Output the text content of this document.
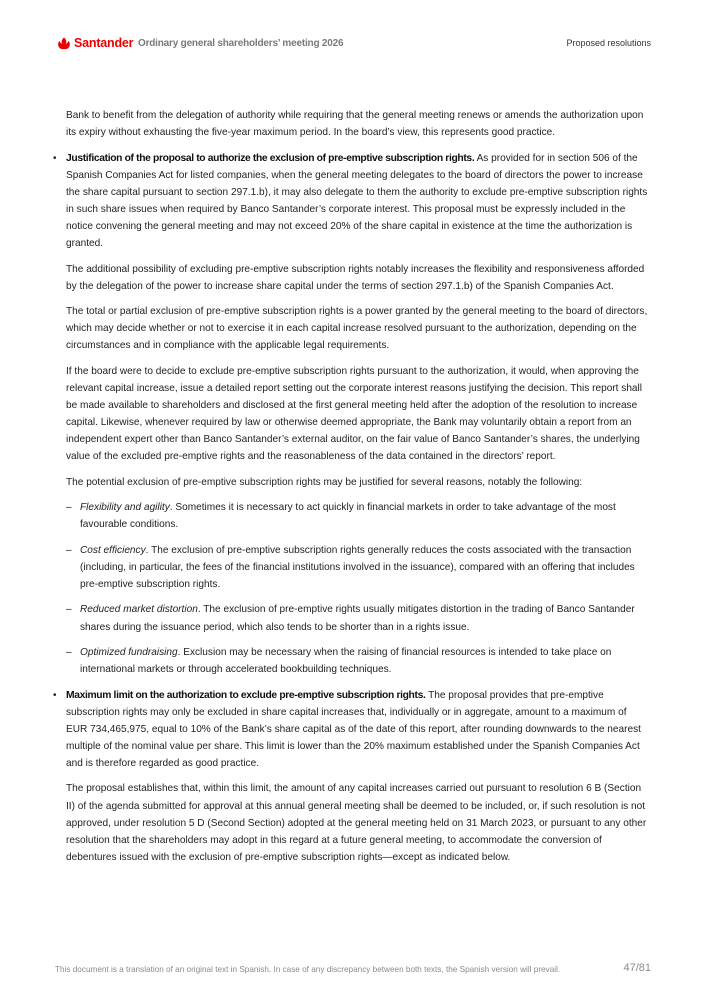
Santander Ordinary general shareholders’ meeting 2026	Proposed resolutions

Bank to benefit from the delegation of authority while requiring that the general meeting renews or amends the authorization upon its expiry without exhausting the five-year maximum period. In the board’s view, this represents good practice.

• Justification of the proposal to authorize the exclusion of pre-emptive subscription rights. As provided for in section 506 of the Spanish Companies Act for listed companies, when the general meeting delegates to the board of directors the power to increase the share capital pursuant to section 297.1.b), it may also delegate to them the authority to exclude pre-emptive subscription rights in such share issues when required by Banco Santander’s corporate interest. This proposal must be expressly included in the notice convening the general meeting and may not exceed 20% of the share capital in existence at the time the authorization is granted.

The additional possibility of excluding pre-emptive subscription rights notably increases the flexibility and responsiveness afforded by the delegation of the power to increase share capital under the terms of section 297.1.b) of the Spanish Companies Act.

The total or partial exclusion of pre-emptive subscription rights is a power granted by the general meeting to the board of directors, which may decide whether or not to exercise it in each capital increase resolved pursuant to the authorization, depending on the circumstances and in compliance with the applicable legal requirements.

If the board were to decide to exclude pre-emptive subscription rights pursuant to the authorization, it would, when approving the relevant capital increase, issue a detailed report setting out the corporate interest reasons justifying the decision. This report shall be made available to shareholders and disclosed at the first general meeting held after the adoption of the resolution to increase capital. Likewise, whenever required by law or otherwise deemed appropriate, the Bank may voluntarily obtain a report from an independent expert other than Banco Santander’s external auditor, on the fair value of Banco Santander’s shares, the underlying value of the excluded pre-emptive rights and the reasonableness of the data contained in the directors’ report.

The potential exclusion of pre-emptive subscription rights may be justified for several reasons, notably the following:

– Flexibility and agility. Sometimes it is necessary to act quickly in financial markets in order to take advantage of the most favourable conditions.
– Cost efficiency. The exclusion of pre-emptive subscription rights generally reduces the costs associated with the transaction (including, in particular, the fees of the financial institutions involved in the issuance), compared with an offering that includes pre-emptive subscription rights.
– Reduced market distortion. The exclusion of pre-emptive rights usually mitigates distortion in the trading of Banco Santander shares during the issuance period, which also tends to be shorter than in a rights issue.
– Optimized fundraising. Exclusion may be necessary when the raising of financial resources is intended to take place on international markets or through accelerated bookbuilding techniques.
• Maximum limit on the authorization to exclude pre-emptive subscription rights. The proposal provides that pre-emptive subscription rights may only be excluded in share capital increases that, individually or in aggregate, amount to a maximum of EUR 734,465,975, equal to 10% of the Bank’s share capital as of the date of this report, after rounding downwards to the nearest multiple of the nominal value per share. This limit is lower than the 20% maximum established under the Spanish Companies Act and is therefore regarded as good practice.

The proposal establishes that, within this limit, the amount of any capital increases carried out pursuant to resolution 6 B (Section II) of the agenda submitted for approval at this annual general meeting shall be deemed to be included, or, if such resolution is not approved, under resolution 5 D (Second Section) adopted at the general meeting held on 31 March 2023, or pursuant to any other resolution that the shareholders may adopt in this regard at a future general meeting, to accommodate the conversion of debentures issued with the exclusion of pre-emptive subscription rights—except as indicated below.

This document is a translation of an original text in Spanish. In case of any discrepancy between both texts, the Spanish version will prevail.	47/81
